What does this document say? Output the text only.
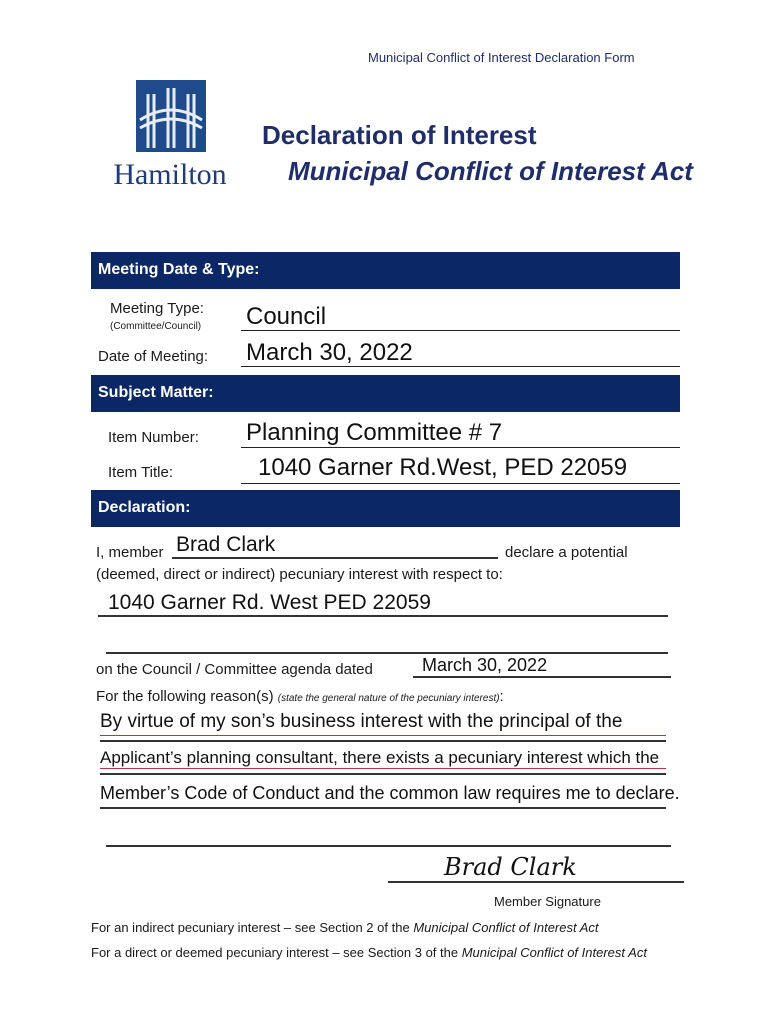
Municipal Conflict of Interest Declaration Form
Hamilton
Declaration of Interest
Municipal Conflict of Interest Act
Meeting Date & Type:
Meeting Type:
(Committee/Council) Council
Date of Meeting: March 30, 2022
Subject Matter:
Item Number: Planning Committee # 7
Item Title:	1040 Garner Rd.West, PED 22059
Declaration:
I, member Brad Clark	declare a potential
(deemed, direct or indirect) pecuniary interest with respect to:
1040 Garner Rd. West PED 22059
on the Council / Committee agenda dated	March 30, 2022
For the following reason(s) (state the general nature of the pecuniary interest):
By virtue of my son’s business interest with the principal of the
Applicant’s planning consultant, there exists a pecuniary interest which the
Member’s Code of Conduct and the common law requires me to declare.
Brad Clark
Member Signature
For an indirect pecuniary interest – see Section 2 of the Municipal Conflict of Interest Act
For a direct or deemed pecuniary interest – see Section 3 of the Municipal Conflict of Interest Act
